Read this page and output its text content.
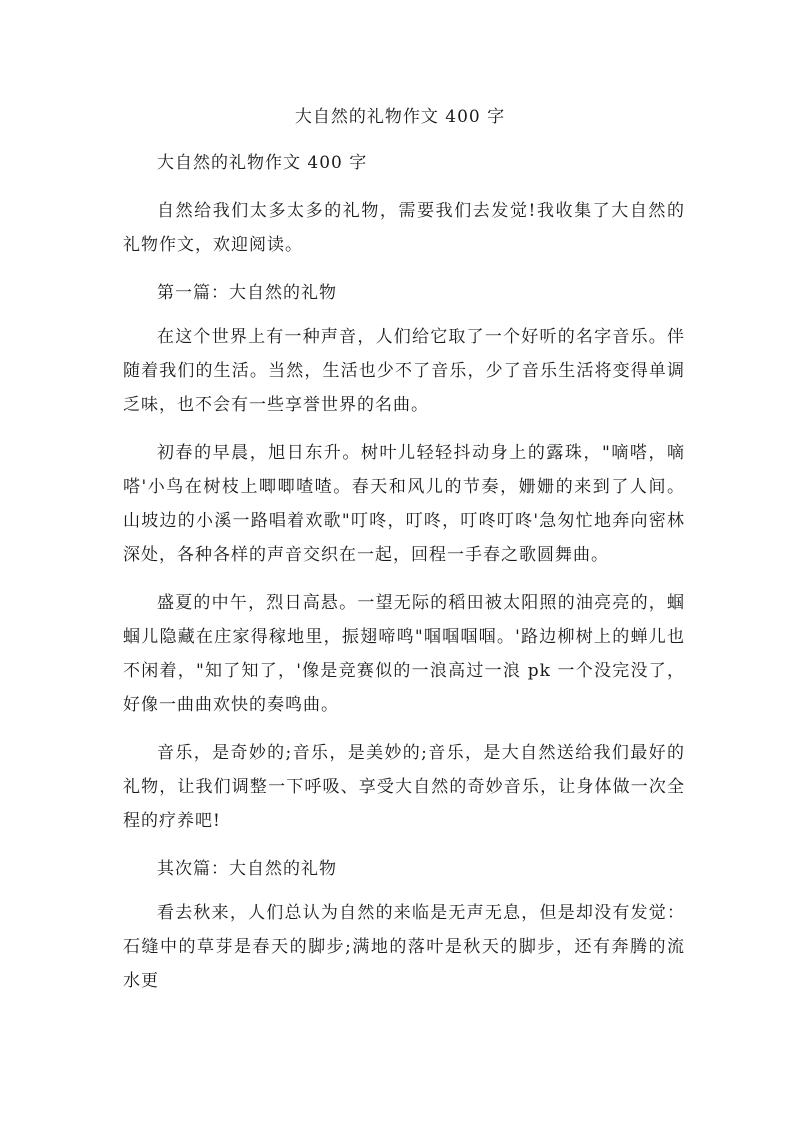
大自然的礼物作文 400 字

大自然的礼物作文 400 字

自然给我们太多太多的礼物，需要我们去发觉!我收集了大自然的礼物作文，欢迎阅读。

第一篇：大自然的礼物

在这个世界上有一种声音，人们给它取了一个好听的名字音乐。伴随着我们的生活。当然，生活也少不了音乐，少了音乐生活将变得单调乏味，也不会有一些享誉世界的名曲。

初春的早晨，旭日东升。树叶儿轻轻抖动身上的露珠，"嘀嗒，嘀嗒'小鸟在树枝上唧唧喳喳。春天和风儿的节奏，姗姗的来到了人间。山坡边的小溪一路唱着欢歌"叮咚，叮咚，叮咚叮咚'急匆忙地奔向密林深处，各种各样的声音交织在一起，回程一手春之歌圆舞曲。

盛夏的中午，烈日高悬。一望无际的稻田被太阳照的油亮亮的，蝈蝈儿隐藏在庄家得稼地里，振翅啼鸣"啯啯啯啯。'路边柳树上的蝉儿也不闲着，"知了知了，'像是竞赛似的一浪高过一浪 pk 一个没完没了，好像一曲曲欢快的奏鸣曲。

音乐，是奇妙的;音乐，是美妙的;音乐，是大自然送给我们最好的礼物，让我们调整一下呼吸、享受大自然的奇妙音乐，让身体做一次全程的疗养吧!

其次篇：大自然的礼物

看去秋来，人们总认为自然的来临是无声无息，但是却没有发觉：石缝中的草芽是春天的脚步;满地的落叶是秋天的脚步，还有奔腾的流水更
